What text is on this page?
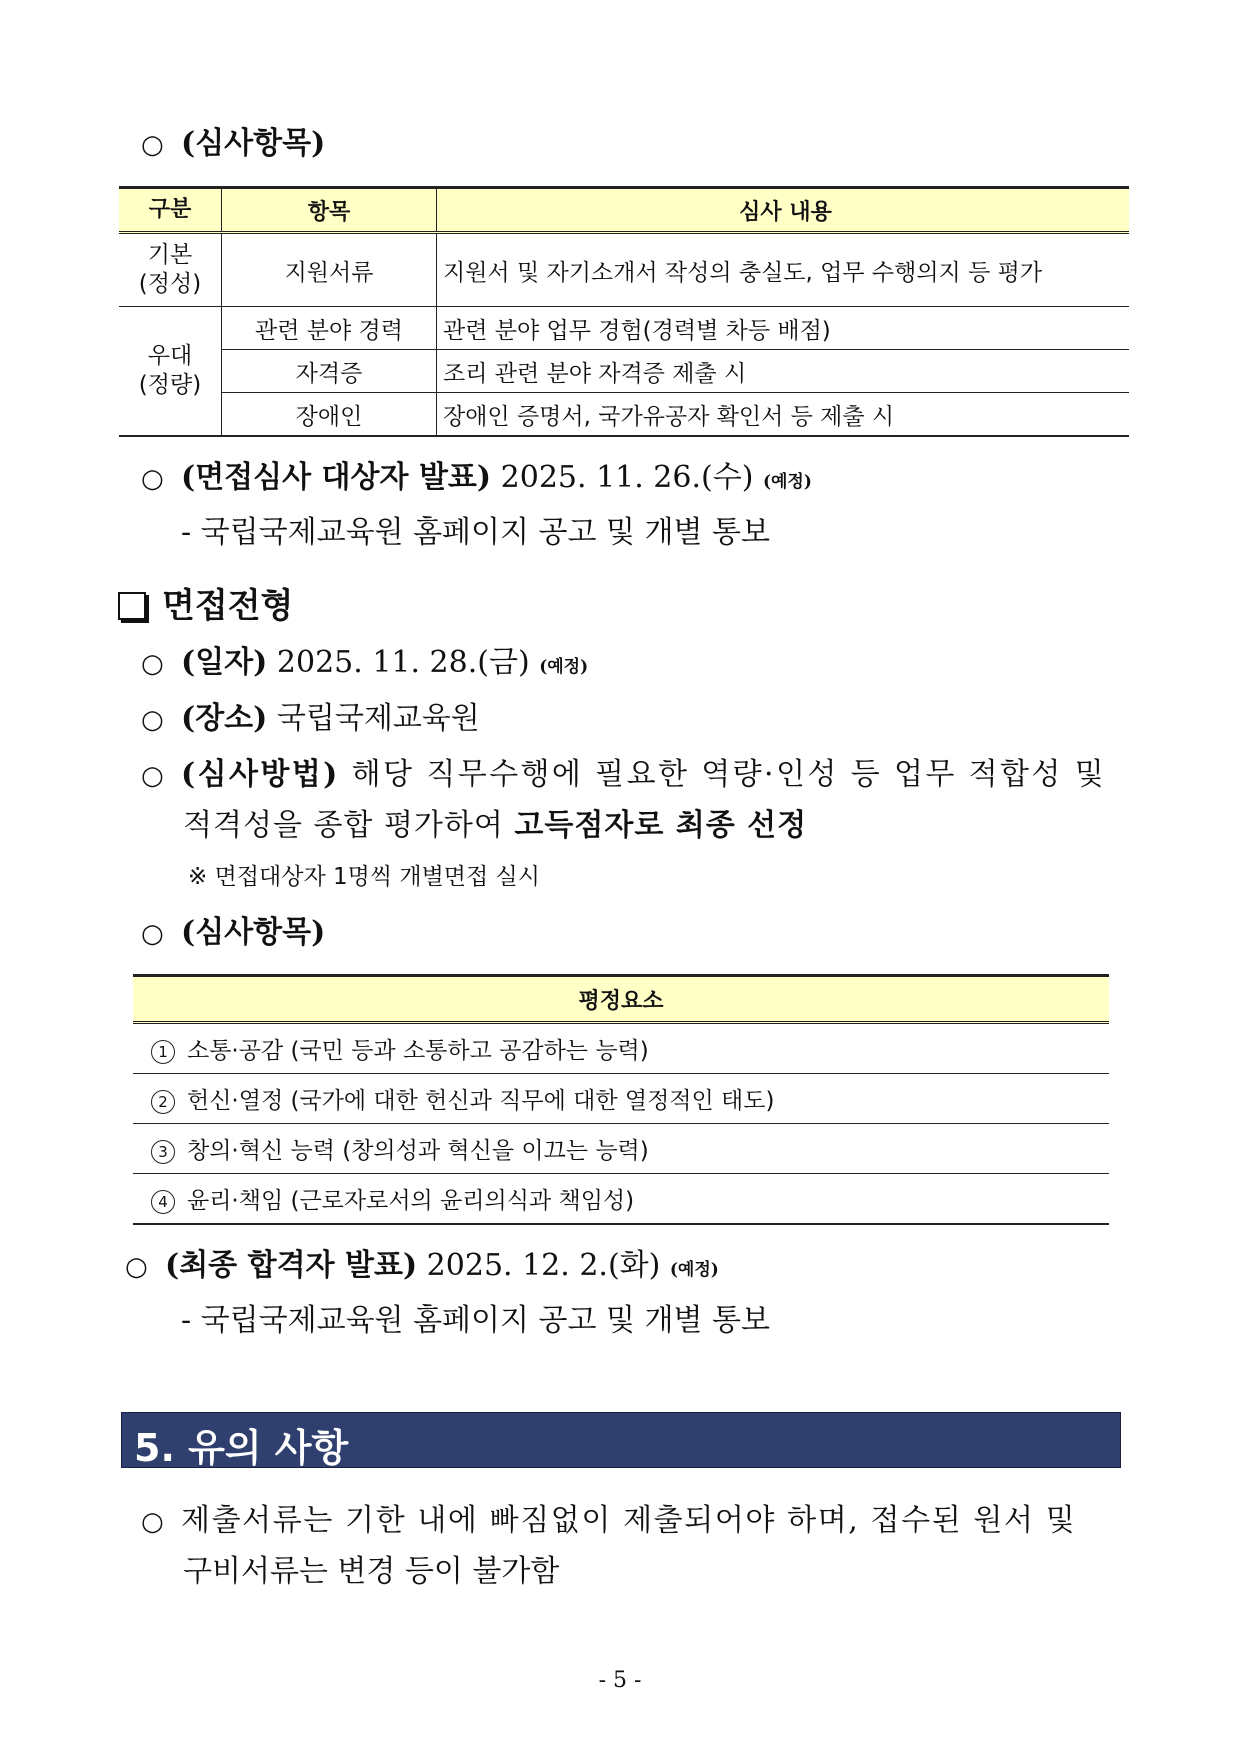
○ (심사항목)
구분	항목	심사 내용
기본
(정성)	지원서류	지원서 및 자기소개서 작성의 충실도, 업무 수행의지 등 평가
우대
(정량)	관련 분야 경력	관련 분야 업무 경험(경력별 차등 배점)
	자격증	조리 관련 분야 자격증 제출 시
	장애인	장애인 증명서, 국가유공자 확인서 등 제출 시
○ (면접심사 대상자 발표) 2025. 11. 26.(수) (예정)
- 국립국제교육원 홈페이지 공고 및 개별 통보
면접전형
○ (일자) 2025. 11. 28.(금) (예정)
○ (장소) 국립국제교육원
○ (심사방법) 해당 직무수행에 필요한 역량·인성 등 업무 적합성 및
적격성을 종합 평가하여 고득점자로 최종 선정
※ 면접대상자 1명씩 개별면접 실시
○ (심사항목)
평정요소
1 소통·공감 (국민 등과 소통하고 공감하는 능력)
2 헌신·열정 (국가에 대한 헌신과 직무에 대한 열정적인 태도)
3 창의·혁신 능력 (창의성과 혁신을 이끄는 능력)
4 윤리·책임 (근로자로서의 윤리의식과 책임성)
○ (최종 합격자 발표) 2025. 12. 2.(화) (예정)
- 국립국제교육원 홈페이지 공고 및 개별 통보
5. 유의 사항
○ 제출서류는 기한 내에 빠짐없이 제출되어야 하며, 접수된 원서 및
구비서류는 변경 등이 불가함
- 5 -
